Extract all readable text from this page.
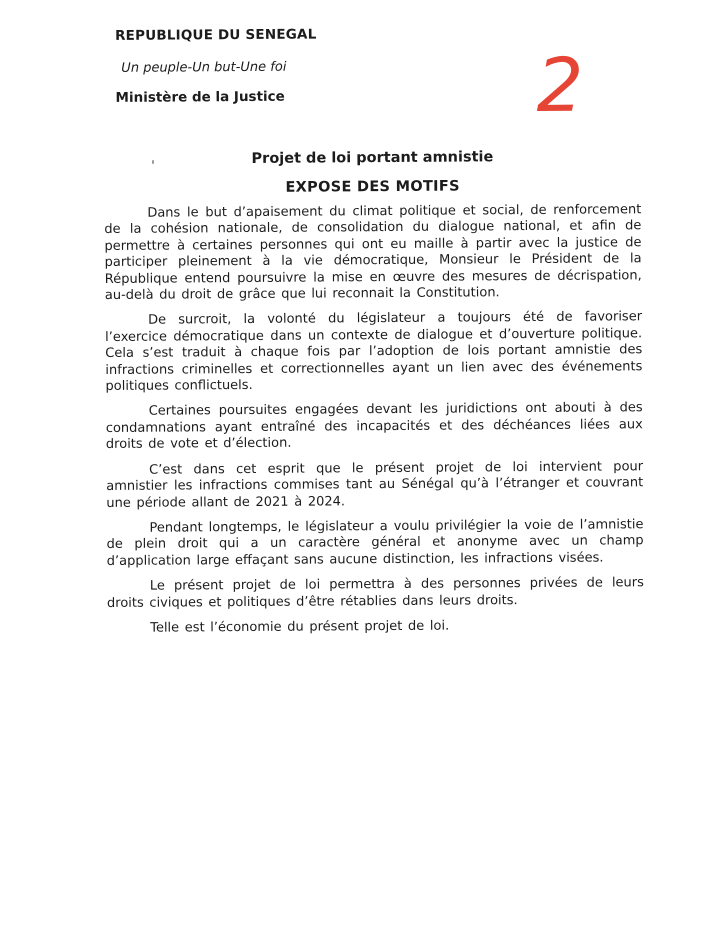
REPUBLIQUE DU SENEGAL

Un peuple-Un but-Une foi

Ministère de la Justice	2

Projet de loi portant amnistie

EXPOSE DES MOTIFS

Dans le but d’apaisement du climat politique et social, de renforcement de la cohésion nationale, de consolidation du dialogue national, et afin de permettre à certaines personnes qui ont eu maille à partir avec la justice de participer pleinement à la vie démocratique, Monsieur le Président de la République entend poursuivre la mise en œuvre des mesures de décrispation, au-delà du droit de grâce que lui reconnait la Constitution.

De surcroit, la volonté du législateur a toujours été de favoriser l’exercice démocratique dans un contexte de dialogue et d’ouverture politique. Cela s’est traduit à chaque fois par l’adoption de lois portant amnistie des infractions criminelles et correctionnelles ayant un lien avec des événements politiques conflictuels.

Certaines poursuites engagées devant les juridictions ont abouti à des condamnations ayant entraîné des incapacités et des déchéances liées aux droits de vote et d’élection.

C’est dans cet esprit que le présent projet de loi intervient pour amnistier les infractions commises tant au Sénégal qu’à l’étranger et couvrant une période allant de 2021 à 2024.

Pendant longtemps, le législateur a voulu privilégier la voie de l’amnistie de plein droit qui a un caractère général et anonyme avec un champ d’application large effaçant sans aucune distinction, les infractions visées.

Le présent projet de loi permettra à des personnes privées de leurs droits civiques et politiques d’être rétablies dans leurs droits.

Telle est l’économie du présent projet de loi.
